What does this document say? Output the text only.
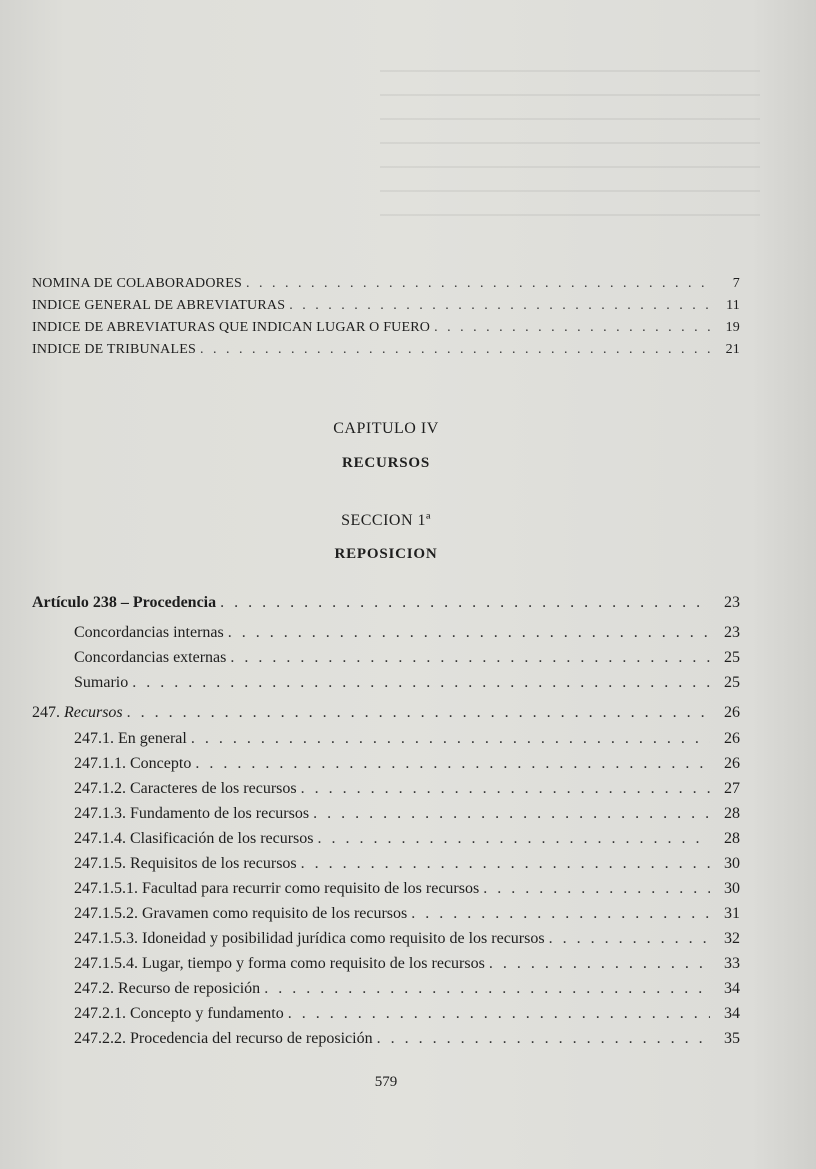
NOMINA DE COLABORADORES . . .	7
INDICE GENERAL DE ABREVIATURAS . . .	11
INDICE DE ABREVIATURAS QUE INDICAN LUGAR O FUERO . . .	19
INDICE DE TRIBUNALES . . .	21
CAPITULO IV
RECURSOS
SECCION 1ª
REPOSICION
Artículo 238 – Procedencia . . .	23
Concordancias internas . . .	23
Concordancias externas . . .	25
Sumario . . .	25
247. Recursos . . .	26
247.1. En general . . .	26
247.1.1. Concepto . . .	26
247.1.2. Caracteres de los recursos . . .	27
247.1.3. Fundamento de los recursos . . .	28
247.1.4. Clasificación de los recursos . . .	28
247.1.5. Requisitos de los recursos . . .	30
247.1.5.1. Facultad para recurrir como requisito de los recursos . . .	30
247.1.5.2. Gravamen como requisito de los recursos . . .	31
247.1.5.3. Idoneidad y posibilidad jurídica como requisito de los recursos . . .	32
247.1.5.4. Lugar, tiempo y forma como requisito de los recursos . . .	33
247.2. Recurso de reposición . . .	34
247.2.1. Concepto y fundamento . . .	34
247.2.2. Procedencia del recurso de reposición . . .	35
579
